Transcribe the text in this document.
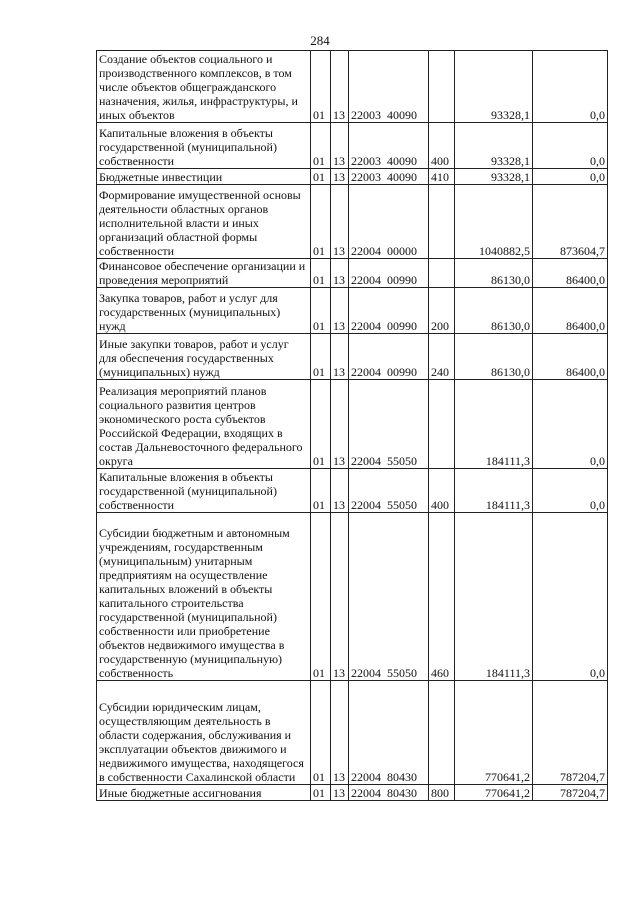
284
Создание объектов социального и производственного комплексов, в том числе объектов общегражданского назначения, жилья, инфраструктуры, и иных объектов	01	13	22003 40090		93328,1	0,0
Капитальные вложения в объекты государственной (муниципальной) собственности	01	13	22003 40090	400	93328,1	0,0
Бюджетные инвестиции	01	13	22003 40090	410	93328,1	0,0
Формирование имущественной основы деятельности областных органов исполнительной власти и иных организаций областной формы собственности	01	13	22004 00000		1040882,5	873604,7
Финансовое обеспечение организации и проведения мероприятий	01	13	22004 00990		86130,0	86400,0
Закупка товаров, работ и услуг для государственных (муниципальных) нужд	01	13	22004 00990	200	86130,0	86400,0
Иные закупки товаров, работ и услуг для обеспечения государственных (муниципальных) нужд	01	13	22004 00990	240	86130,0	86400,0
Реализация мероприятий планов социального развития центров экономического роста субъектов Российской Федерации, входящих в состав Дальневосточного федерального округа	01	13	22004 55050		184111,3	0,0
Капитальные вложения в объекты государственной (муниципальной) собственности	01	13	22004 55050	400	184111,3	0,0
Субсидии бюджетным и автономным учреждениям, государственным (муниципальным) унитарным предприятиям на осуществление капитальных вложений в объекты капитального строительства государственной (муниципальной) собственности или приобретение объектов недвижимого имущества в государственную (муниципальную) собственность	01	13	22004 55050	460	184111,3	0,0
Субсидии юридическим лицам, осуществляющим деятельность в области содержания, обслуживания и эксплуатации объектов движимого и недвижимого имущества, находящегося в собственности Сахалинской области	01	13	22004 80430		770641,2	787204,7
Иные бюджетные ассигнования	01	13	22004 80430	800	770641,2	787204,7
